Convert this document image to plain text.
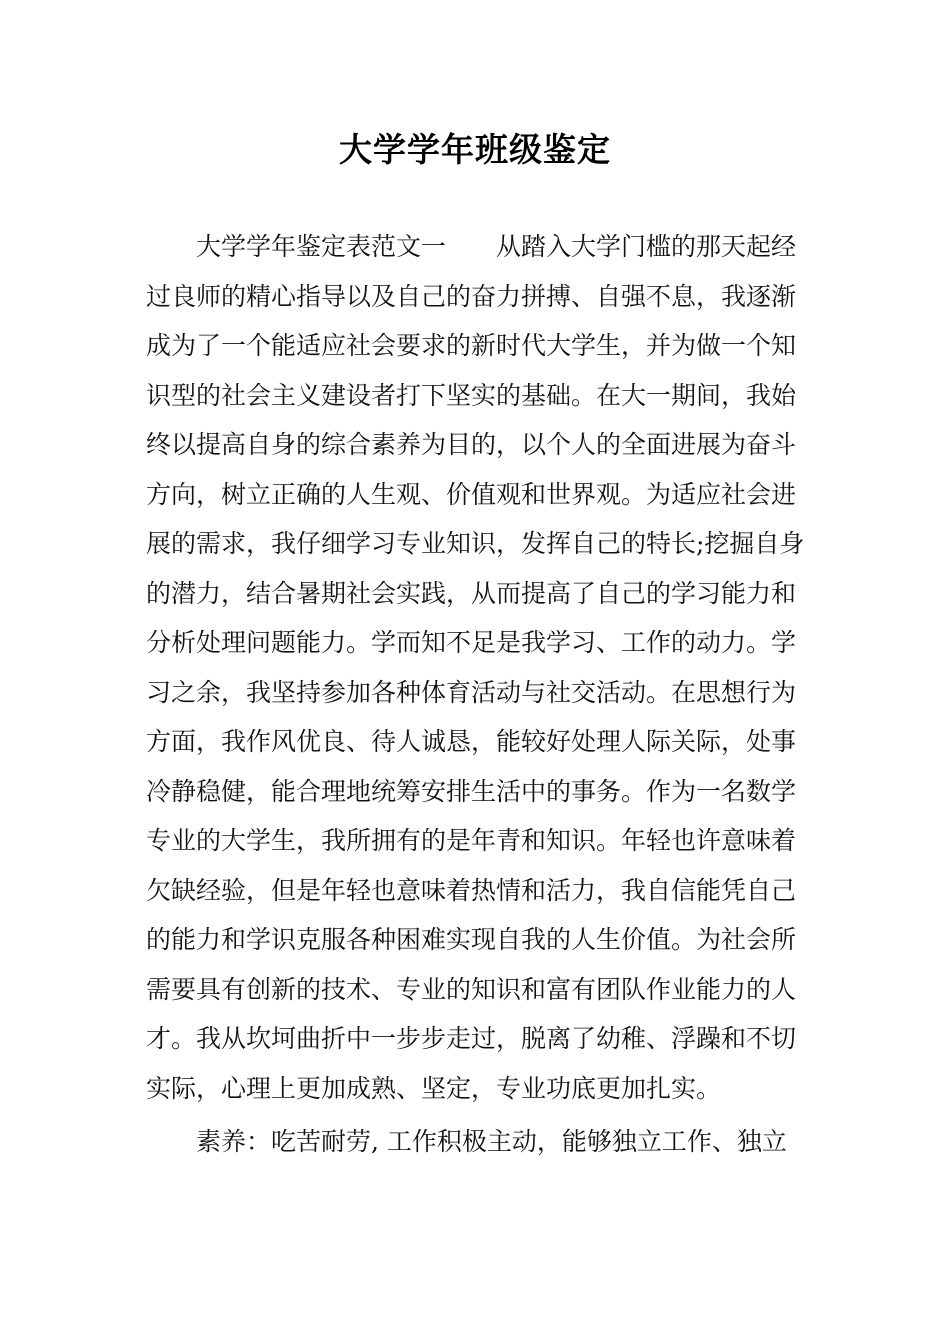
大学学年班级鉴定

大学学年鉴定表范文一　　从踏入大学门槛的那天起经过良师的精心指导以及自己的奋力拼搏、自强不息，我逐渐成为了一个能适应社会要求的新时代大学生，并为做一个知识型的社会主义建设者打下坚实的基础。在大一期间，我始终以提高自身的综合素养为目的，以个人的全面进展为奋斗方向，树立正确的人生观、价值观和世界观。为适应社会进展的需求，我仔细学习专业知识，发挥自己的特长;挖掘自身的潜力，结合暑期社会实践，从而提高了自己的学习能力和分析处理问题能力。学而知不足是我学习、工作的动力。学习之余，我坚持参加各种体育活动与社交活动。在思想行为方面，我作风优良、待人诚恳，能较好处理人际关际，处事冷静稳健，能合理地统筹安排生活中的事务。作为一名数学专业的大学生，我所拥有的是年青和知识。年轻也许意味着欠缺经验，但是年轻也意味着热情和活力，我自信能凭自己的能力和学识克服各种困难实现自我的人生价值。为社会所需要具有创新的技术、专业的知识和富有团队作业能力的人才。我从坎坷曲折中一步步走过，脱离了幼稚、浮躁和不切实际，心理上更加成熟、坚定，专业功底更加扎实。

素养：吃苦耐劳, 工作积极主动，能够独立工作、独立
